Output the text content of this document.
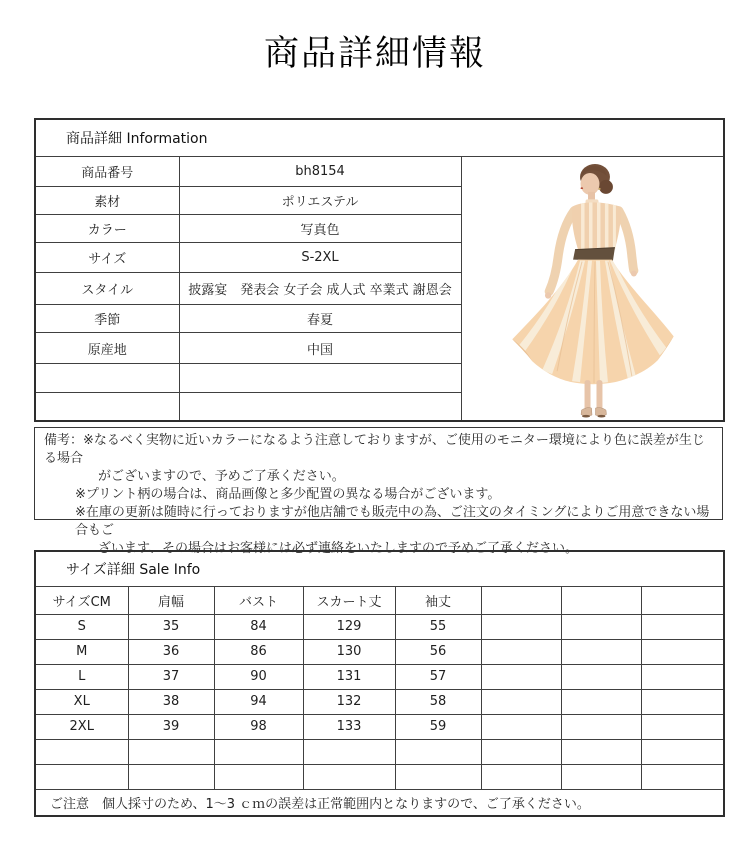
商品詳細情報
商品詳細 Information		
商品番号	bh8154	

素材	ポリエステル	
カラー	写真色	
サイズ	S-2XL	
スタイル	披露宴　発表会 女子会 成人式 卒業式 謝恩会	
季節	春夏	
原産地	中国	

備考：※なるべく実物に近いカラーになるよう注意しておりますが、ご使用のモニター環境により色に誤差が生じる場合
がございますので、予めご了承ください。
※プリント柄の場合は、商品画像と多少配置の異なる場合がございます。
※在庫の更新は随時に行っておりますが他店舗でも販売中の為、ご注文のタイミングによりご用意できない場合もご
ざいます、その場合はお客様には必ず連絡をいたしますので予めご了承ください。
サイズ詳細 Sale Info							
サイズCM	肩幅	バスト	スカート丈	袖丈			
S	35	84	129	55			
M	36	86	130	56			
L	37	90	131	57			
XL	38	94	132	58			
2XL	39	98	133	59			

ご注意　個人採寸のため、1～3 ｃｍの誤差は正常範囲内となりますので、ご了承ください。							
